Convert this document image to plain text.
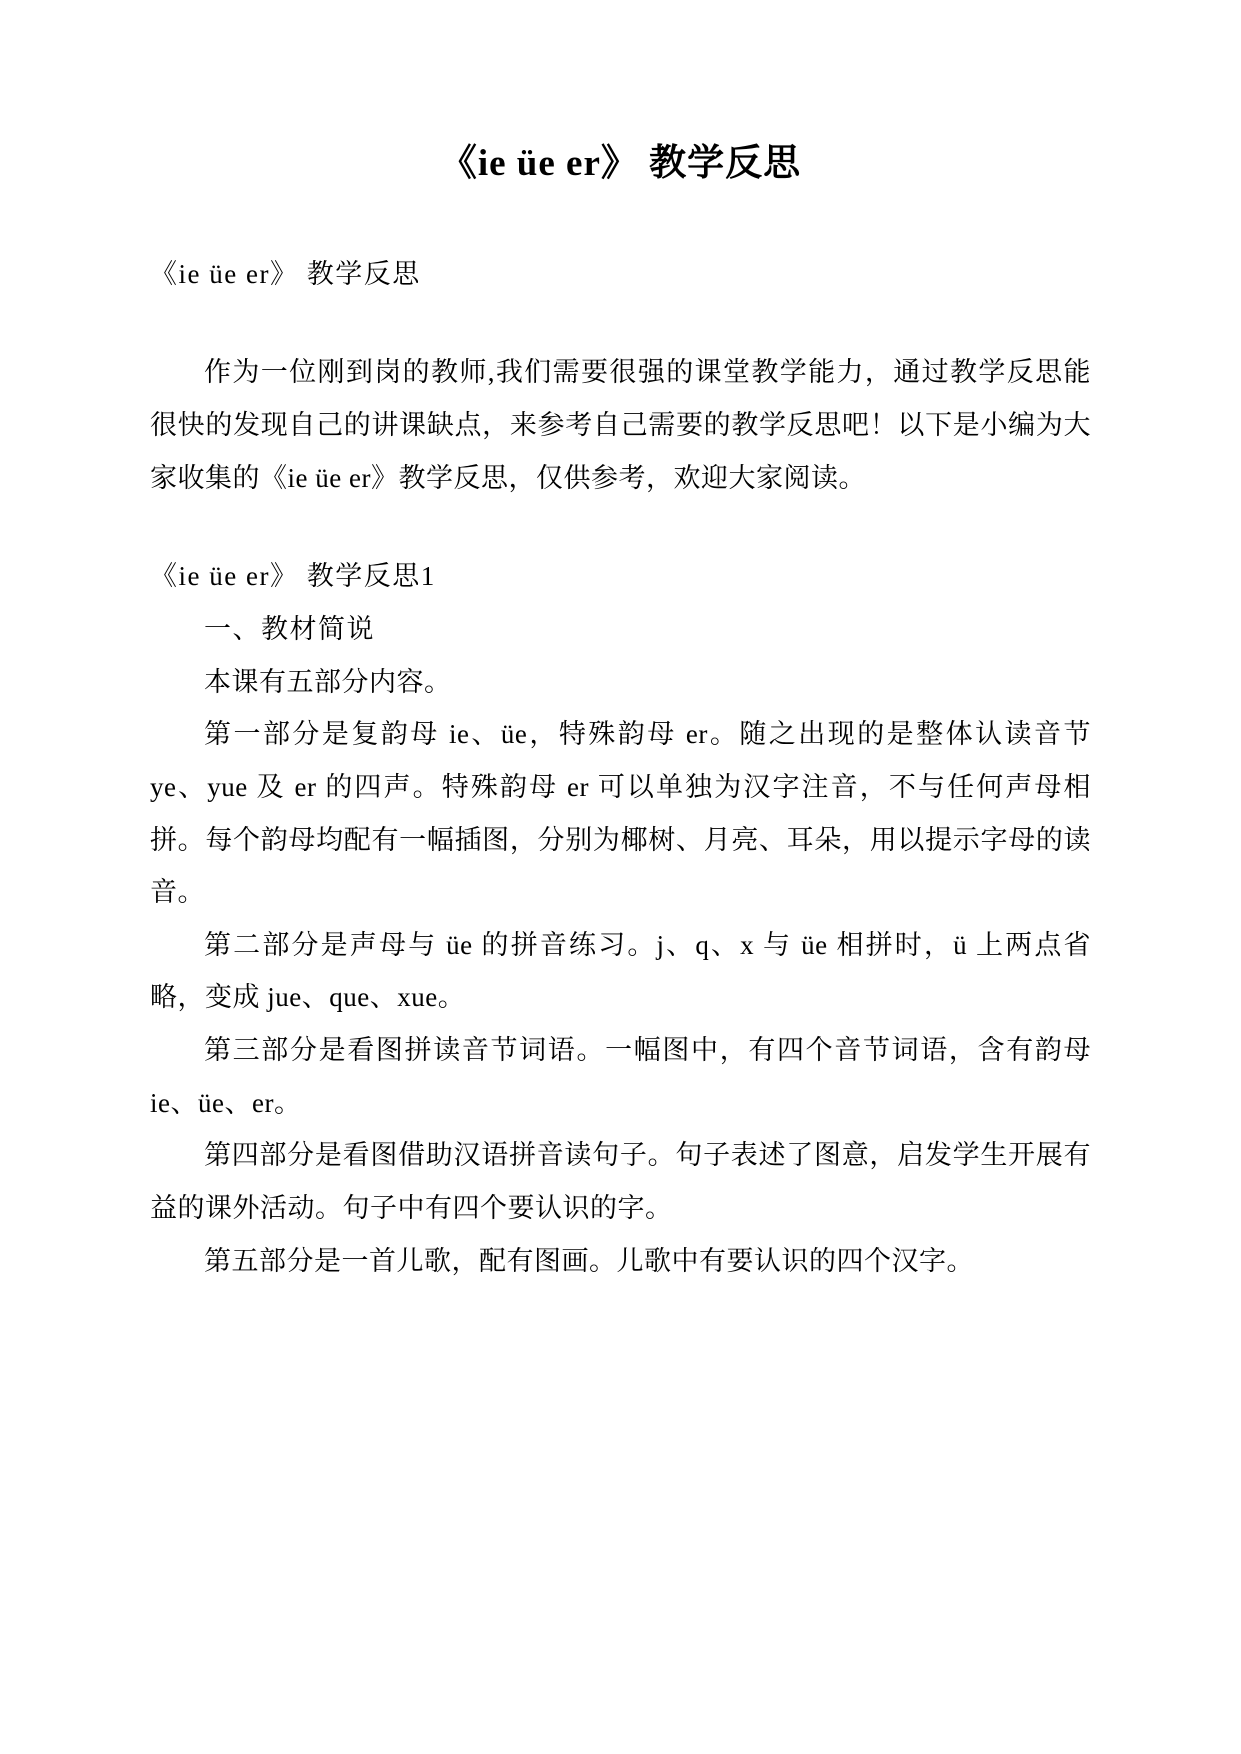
《ie üe er》 教学反思

《ie üe er》 教学反思

作为一位刚到岗的教师,我们需要很强的课堂教学能力，通过教学反思能很快的发现自己的讲课缺点，来参考自己需要的教学反思吧！以下是小编为大家收集的《ie üe er》教学反思，仅供参考，欢迎大家阅读。

《ie üe er》 教学反思1

一、教材简说

本课有五部分内容。

第一部分是复韵母 ie、üe，特殊韵母 er。随之出现的是整体认读音节 ye、yue 及 er 的四声。特殊韵母 er 可以单独为汉字注音，不与任何声母相拼。每个韵母均配有一幅插图，分别为椰树、月亮、耳朵，用以提示字母的读音。

第二部分是声母与 üe 的拼音练习。j、q、x 与 üe 相拼时，ü 上两点省略，变成 jue、que、xue。

第三部分是看图拼读音节词语。一幅图中，有四个音节词语，含有韵母 ie、üe、er。

第四部分是看图借助汉语拼音读句子。句子表述了图意，启发学生开展有益的课外活动。句子中有四个要认识的字。

第五部分是一首儿歌，配有图画。儿歌中有要认识的四个汉字。
